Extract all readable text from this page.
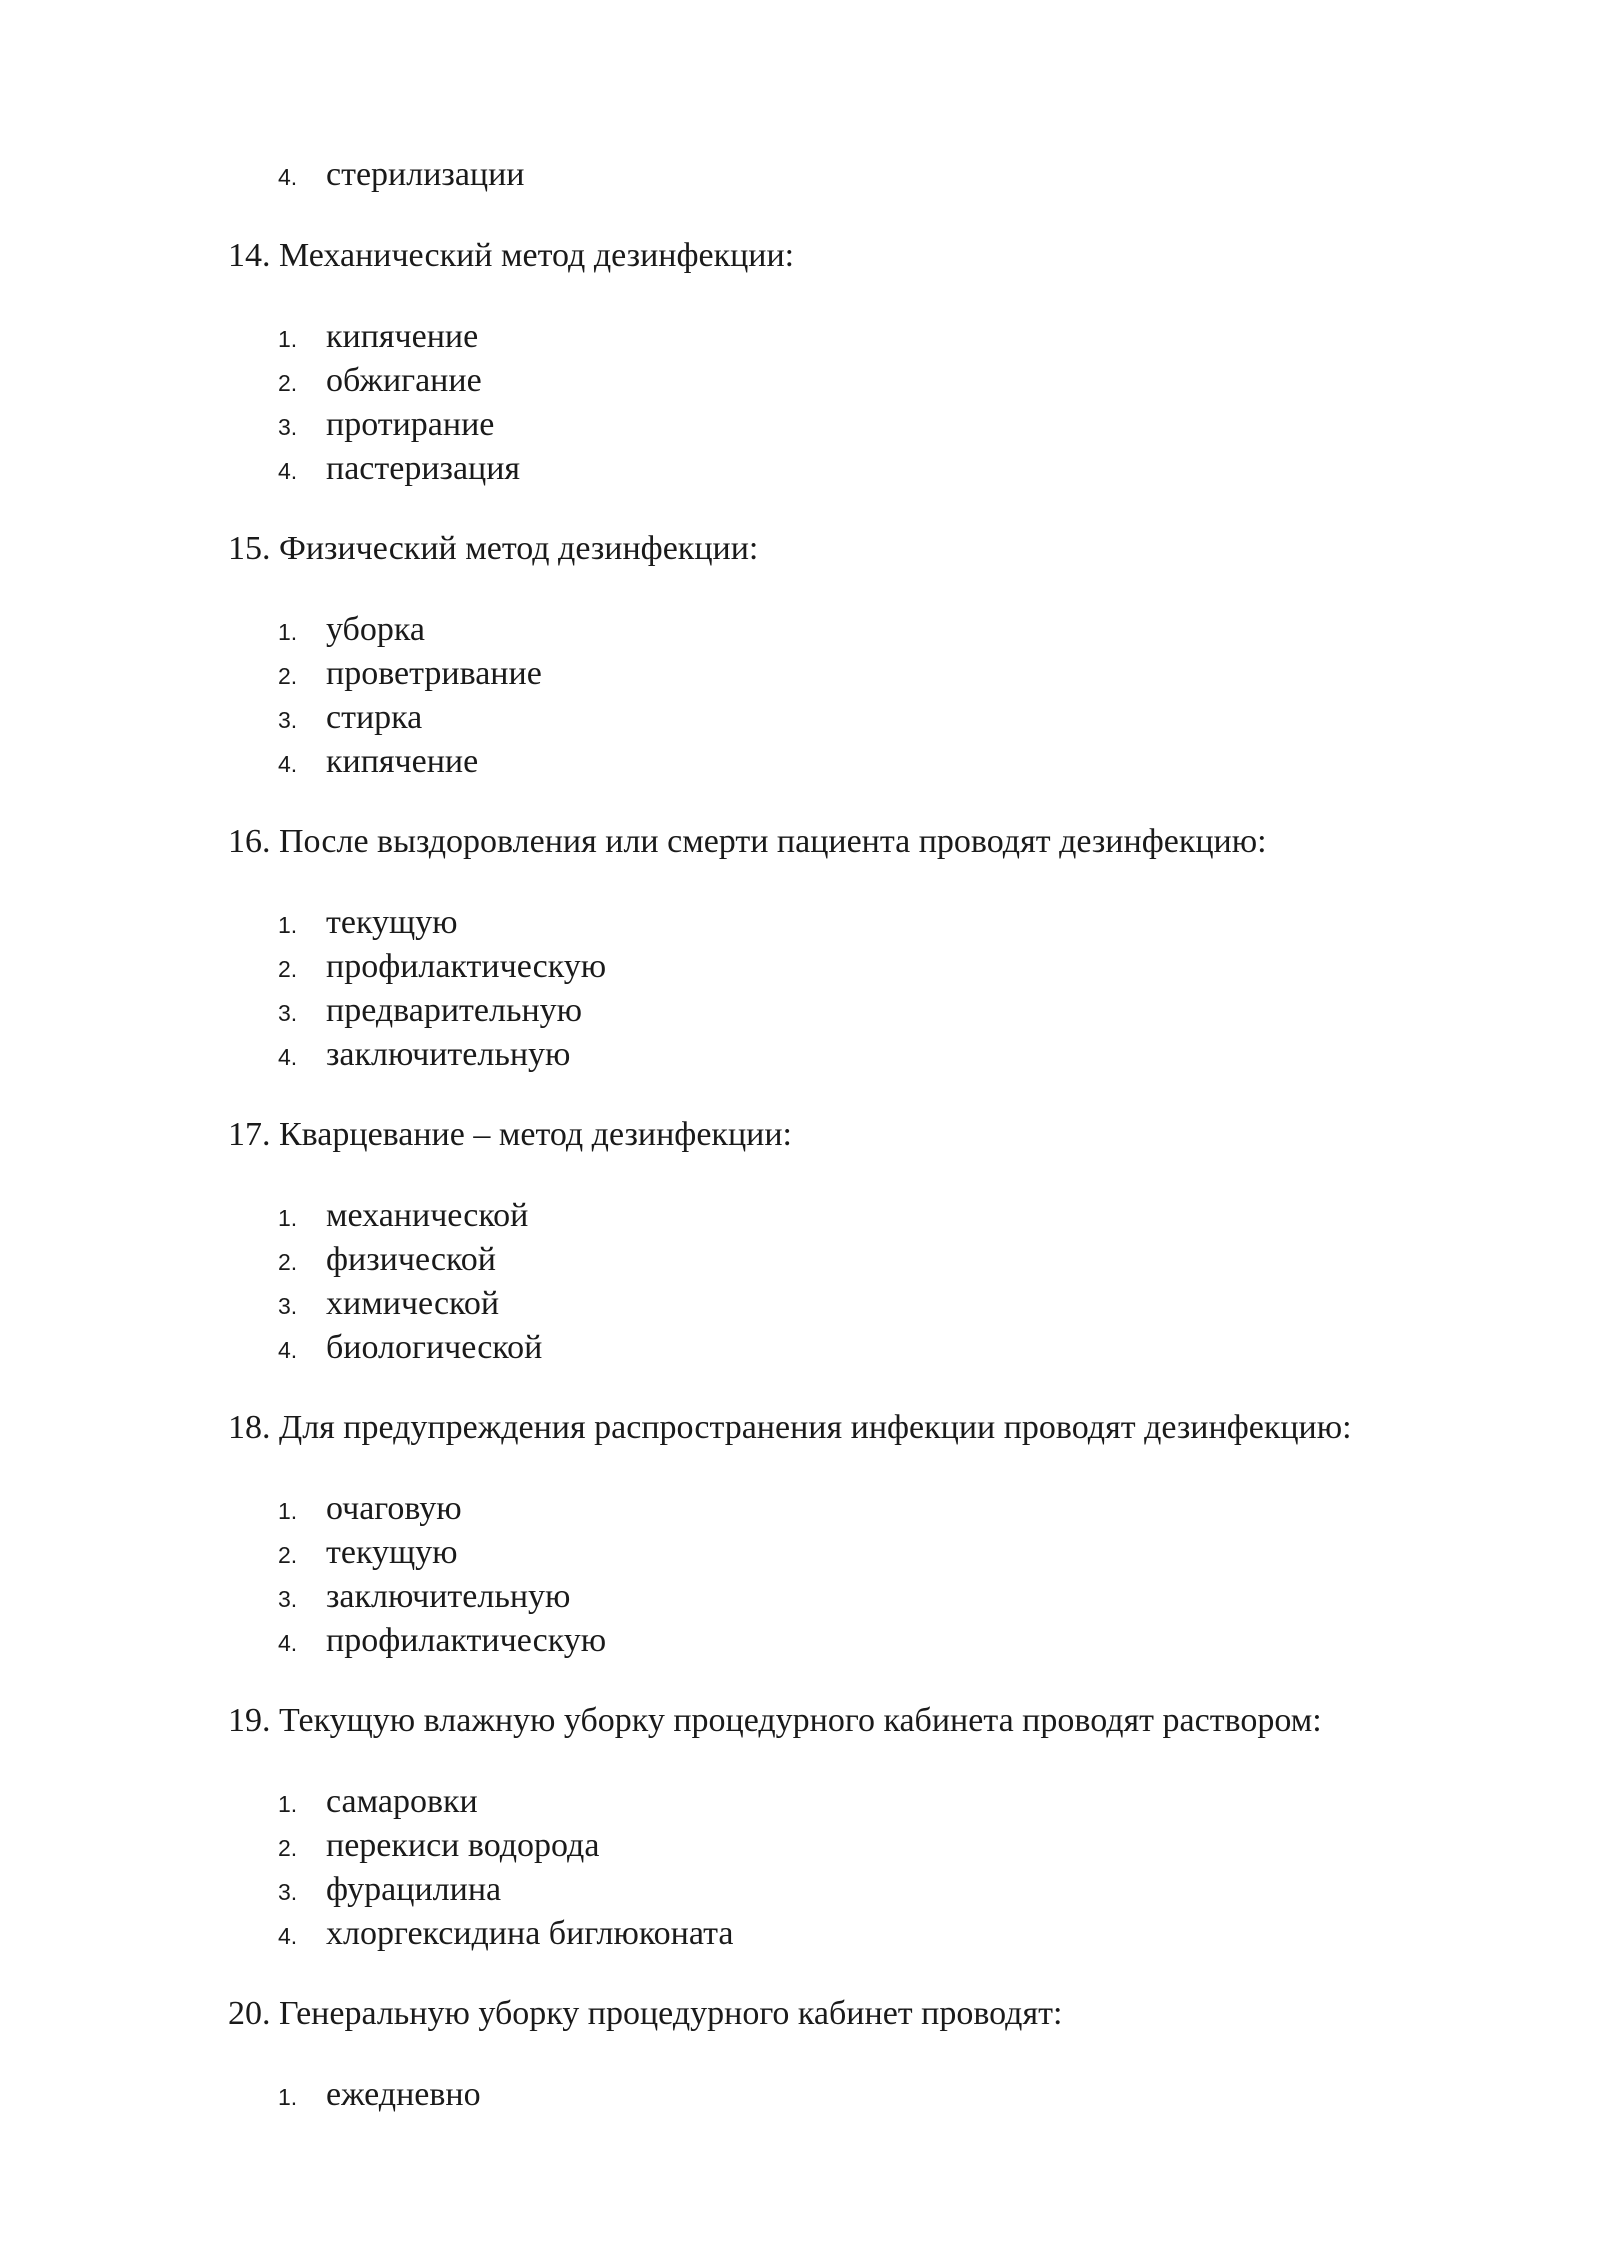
4. стерилизации
14. Механический метод дезинфекции:
1. кипячение
2. обжигание
3. протирание
4. пастеризация
15. Физический метод дезинфекции:
1. уборка
2. проветривание
3. стирка
4. кипячение
16. После выздоровления или смерти пациента проводят дезинфекцию:
1. текущую
2. профилактическую
3. предварительную
4. заключительную
17. Кварцевание – метод дезинфекции:
1. механической
2. физической
3. химической
4. биологической
18. Для предупреждения распространения инфекции проводят дезинфекцию:
1. очаговую
2. текущую
3. заключительную
4. профилактическую
19. Текущую влажную уборку процедурного кабинета проводят раствором:
1. самаровки
2. перекиси водорода
3. фурацилина
4. хлоргексидина биглюконата
20. Генеральную уборку процедурного кабинет проводят:
1. ежедневно
